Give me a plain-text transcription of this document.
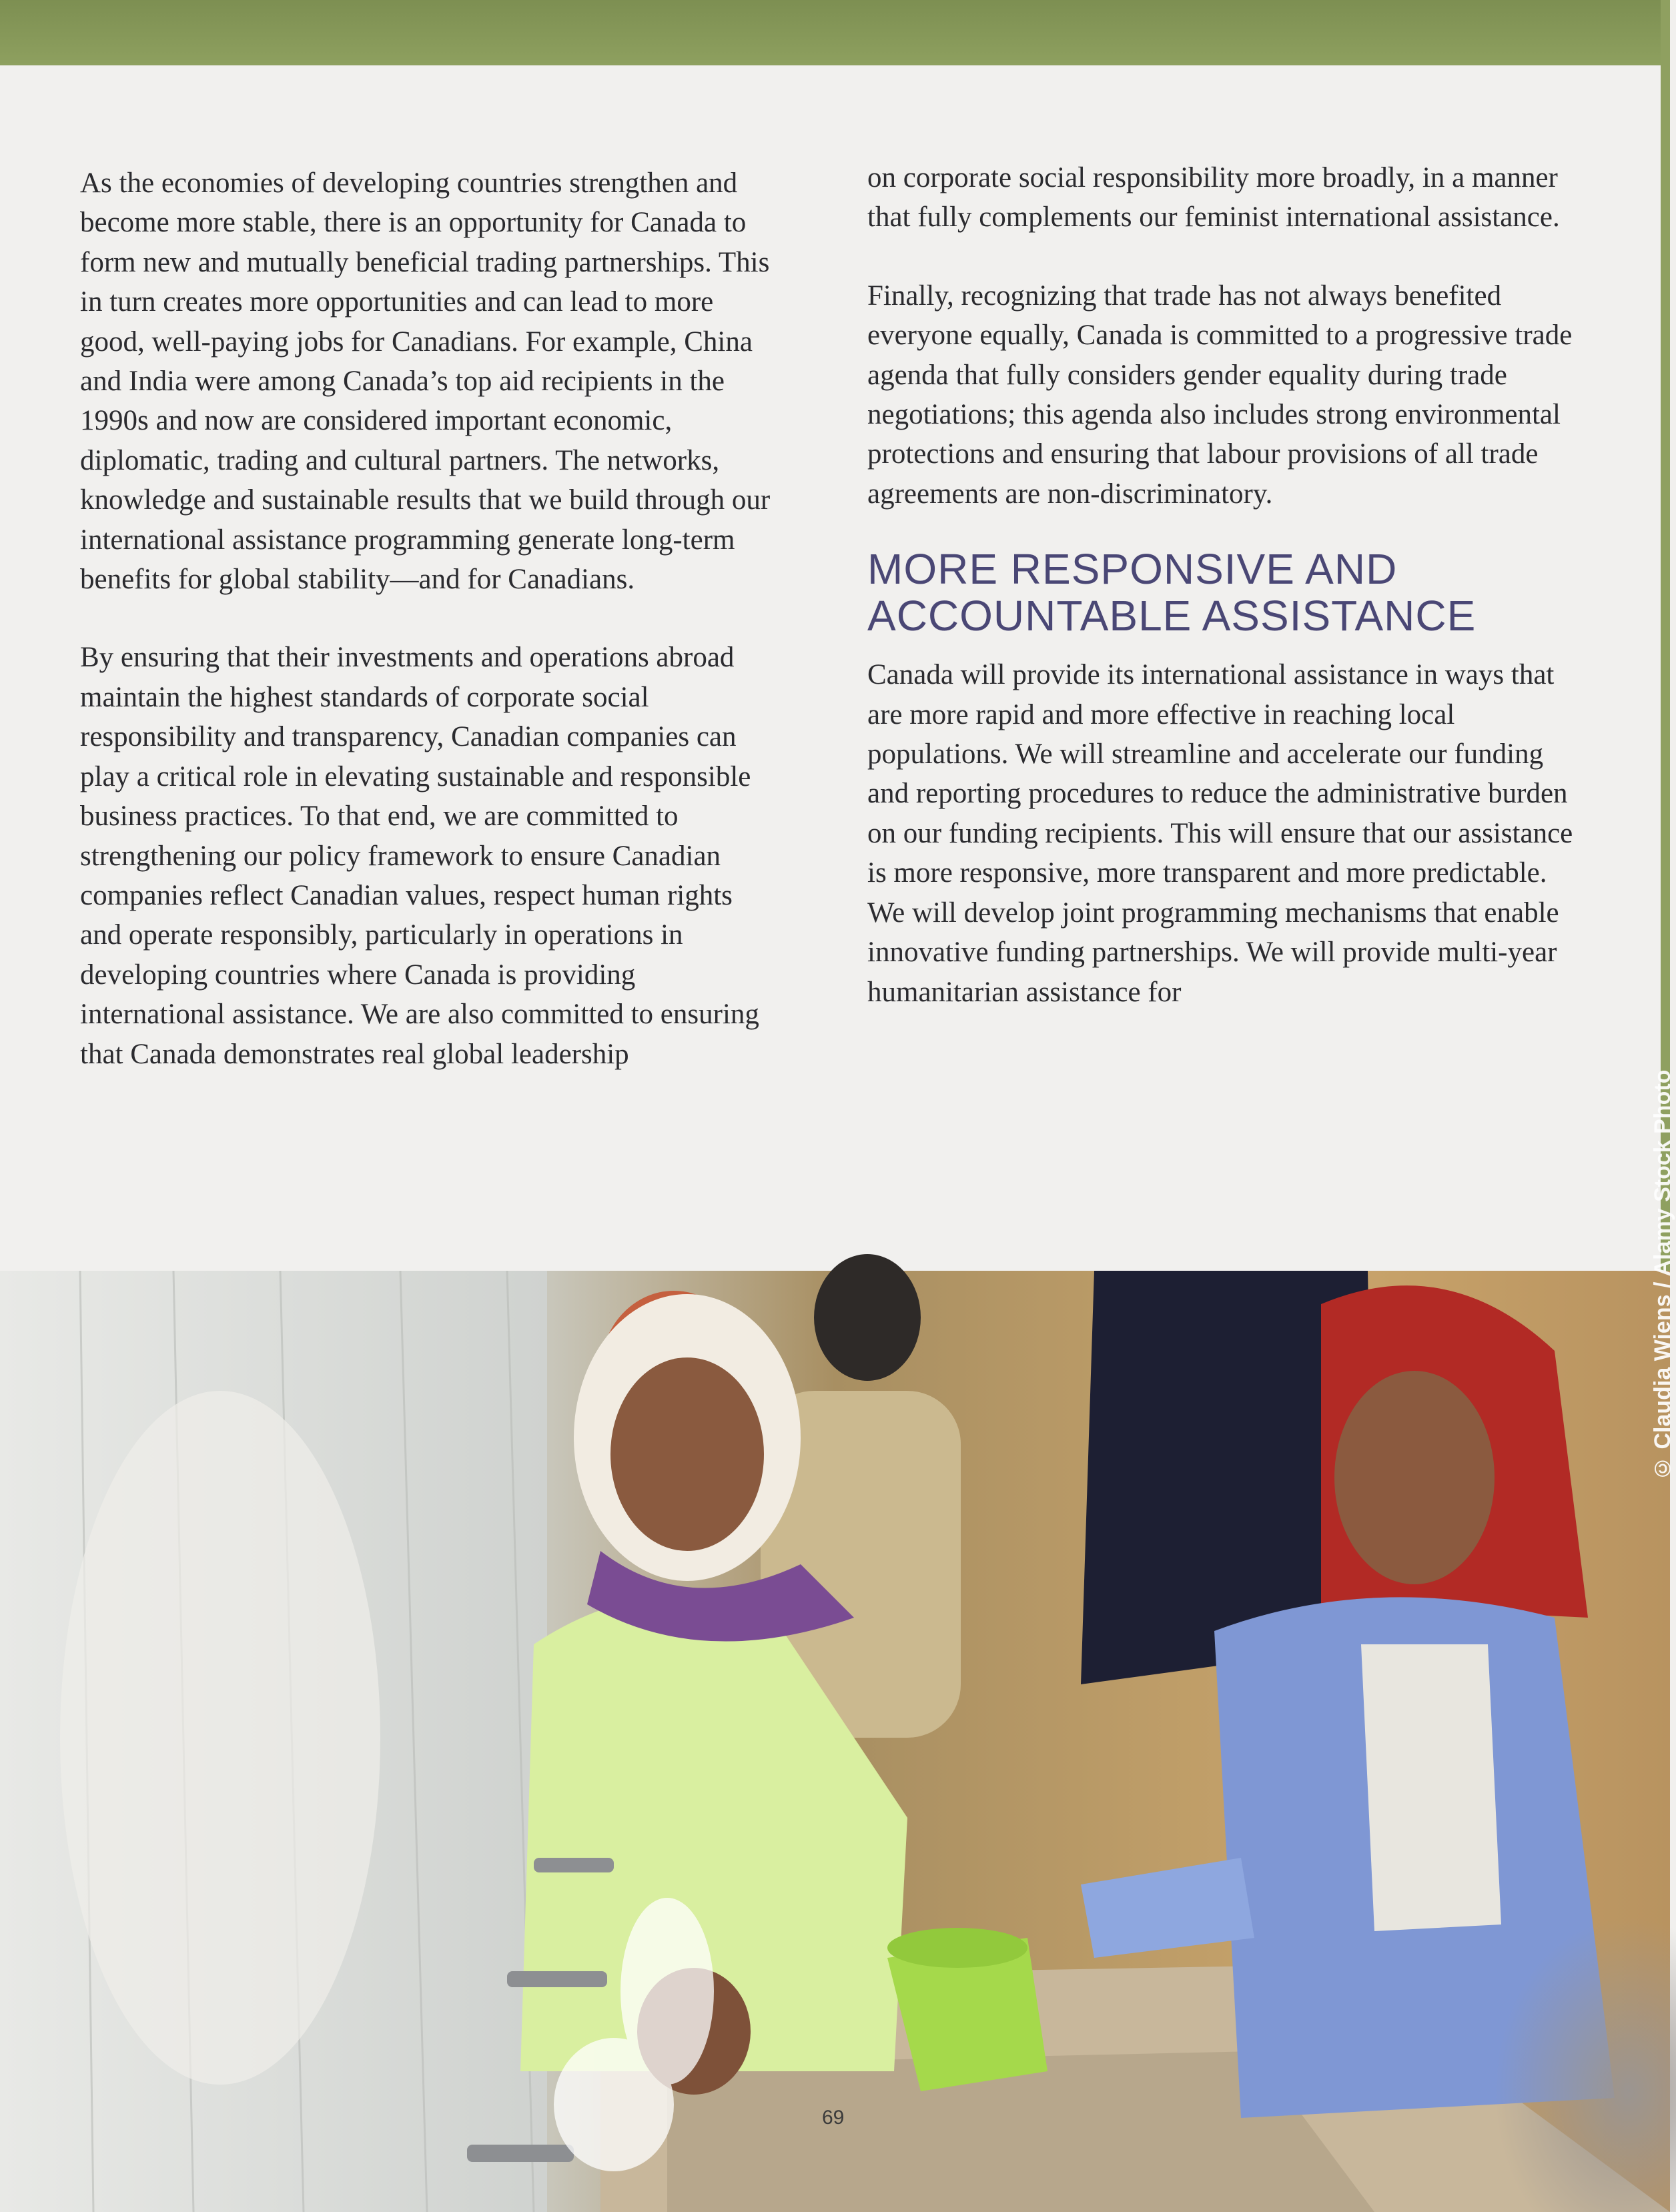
As the economies of developing countries strengthen and become more stable, there is an opportunity for Canada to form new and mutually beneficial trading partnerships. This in turn creates more opportunities and can lead to more good, well-paying jobs for Canadians. For example, China and India were among Canada’s top aid recipients in the 1990s and now are considered important economic, diplomatic, trading and cultural partners. The networks, knowledge and sustainable results that we build through our international assistance programming generate long-term benefits for global stability—and for Canadians.

By ensuring that their investments and operations abroad maintain the highest standards of corporate social responsibility and transparency, Canadian companies can play a critical role in elevating sustainable and responsible business practices. To that end, we are committed to strengthening our policy framework to ensure Canadian companies reflect Canadian values, respect human rights and operate responsibly, particularly in operations in developing countries where Canada is providing international assistance. We are also committed to ensuring that Canada demonstrates real global leadership

on corporate social responsibility more broadly, in a manner that fully complements our feminist international assistance.

Finally, recognizing that trade has not always benefited everyone equally, Canada is committed to a progressive trade agenda that fully considers gender equality during trade negotiations; this agenda also includes strong environmental protections and ensuring that labour provisions of all trade agreements are non-discriminatory.

MORE RESPONSIVE AND
ACCOUNTABLE ASSISTANCE

Canada will provide its international assistance in ways that are more rapid and more effective in reaching local populations. We will streamline and accelerate our funding and reporting procedures to reduce the administrative burden on our funding recipients. This will ensure that our assistance is more responsive, more transparent and more predictable. We will develop joint programming mechanisms that enable innovative funding partnerships. We will provide multi-year humanitarian assistance for

© Claudia Wiens / Alamy Stock Photo
69
